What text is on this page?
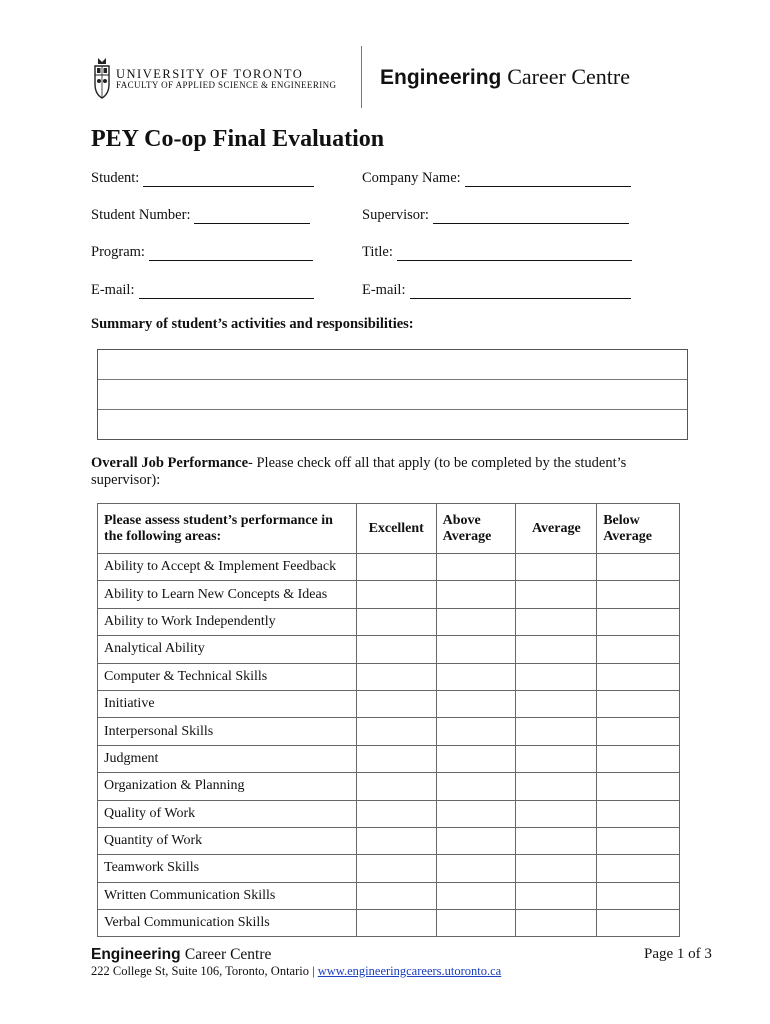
UNIVERSITY OF TORONTO
FACULTY OF APPLIED SCIENCE & ENGINEERING Engineering Career Centre
PEY Co-op Final Evaluation
Student:	Company Name:
Student Number:	Supervisor:
Program:	Title:
E-mail:	E-mail:
Summary of student’s activities and responsibilities:
Overall Job Performance- Please check off all that apply (to be completed by the student’s supervisor):
Please assess student’s performance in the following areas:	Excellent	Above Average	Average	Below Average
Ability to Accept & Implement Feedback				
Ability to Learn New Concepts & Ideas				
Ability to Work Independently				
Analytical Ability				
Computer & Technical Skills				
Initiative				
Interpersonal Skills				
Judgment				
Organization & Planning				
Quality of Work				
Quantity of Work				
Teamwork Skills				
Written Communication Skills				
Verbal Communication Skills				
Engineering Career Centre	Page 1 of 3
222 College St, Suite 106, Toronto, Ontario | www.engineeringcareers.utoronto.ca
